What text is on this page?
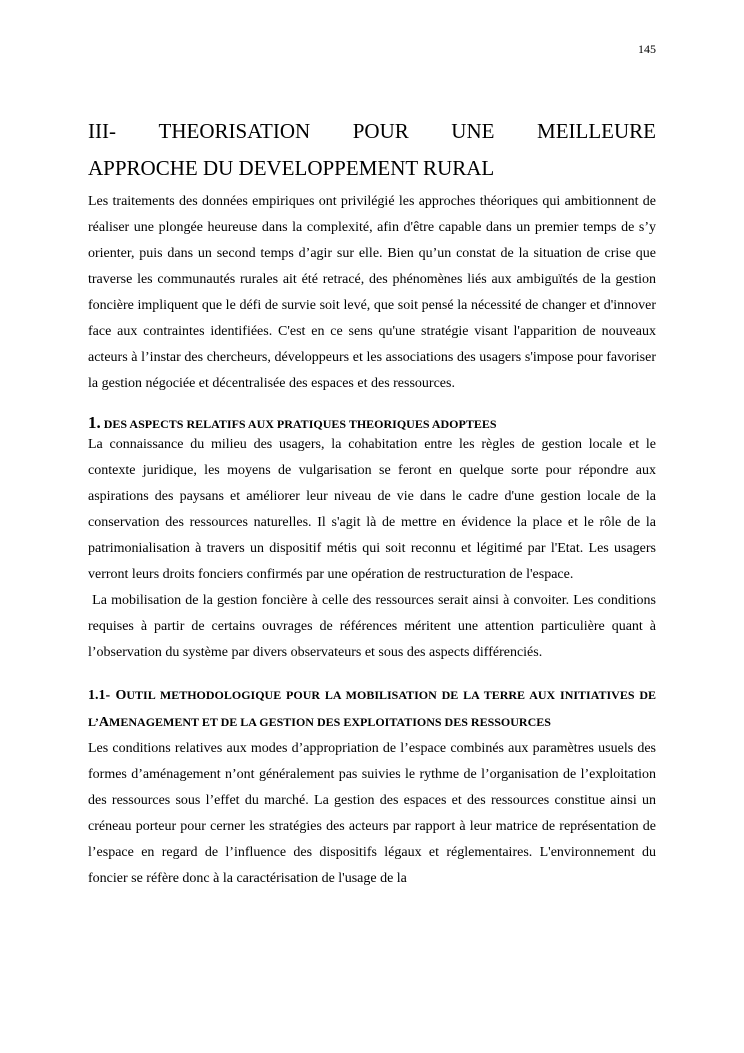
145
III-     THEORISATION     POUR     UNE     MEILLEURE
APPROCHE DU DEVELOPPEMENT RURAL

Les traitements des données empiriques ont privilégié les approches théoriques qui ambitionnent de réaliser une plongée heureuse dans la complexité, afin d'être capable dans un premier temps de s’y orienter, puis dans un second temps d’agir sur elle. Bien qu’un constat de la situation de crise que traverse les communautés rurales ait été retracé, des phénomènes liés aux ambiguïtés de la gestion foncière impliquent que le défi de survie soit levé, que soit pensé la nécessité de changer et d'innover face aux contraintes identifiées. C'est en ce sens qu'une stratégie visant l'apparition de nouveaux acteurs à l’instar des chercheurs, développeurs et les associations des usagers s'impose pour favoriser la gestion négociée et décentralisée des espaces et des ressources.

1. DES ASPECTS RELATIFS AUX PRATIQUES THEORIQUES ADOPTEES

La connaissance du milieu des usagers, la cohabitation entre les règles de gestion locale et le contexte juridique, les moyens de vulgarisation se feront en quelque sorte pour répondre aux aspirations des paysans et améliorer leur niveau de vie dans le cadre d'une gestion locale de la conservation des ressources naturelles. Il s'agit là de mettre en évidence la place et le rôle de la patrimonialisation à travers un dispositif métis qui soit reconnu et légitimé par l'Etat. Les usagers verront leurs droits fonciers confirmés par une opération de restructuration de l'espace.

La mobilisation de la gestion foncière à celle des ressources serait ainsi à convoiter. Les conditions requises à partir de certains ouvrages de références méritent une attention particulière quant à l’observation du système par divers observateurs et sous des aspects différenciés.

1.1- OUTIL METHODOLOGIQUE POUR LA MOBILISATION DE LA TERRE AUX INITIATIVES DE L’AMENAGEMENT ET DE LA GESTION DES EXPLOITATIONS DES RESSOURCES

Les conditions relatives aux modes d’appropriation de l’espace combinés aux paramètres usuels des formes d’aménagement n’ont généralement pas suivies le rythme de l’organisation de l’exploitation des ressources sous l’effet du marché. La gestion des espaces et des ressources constitue ainsi un créneau porteur pour cerner les stratégies des acteurs par rapport à leur matrice de représentation de l’espace en regard de l’influence des dispositifs légaux et réglementaires. L'environnement du foncier se réfère donc à la caractérisation de l'usage de la
